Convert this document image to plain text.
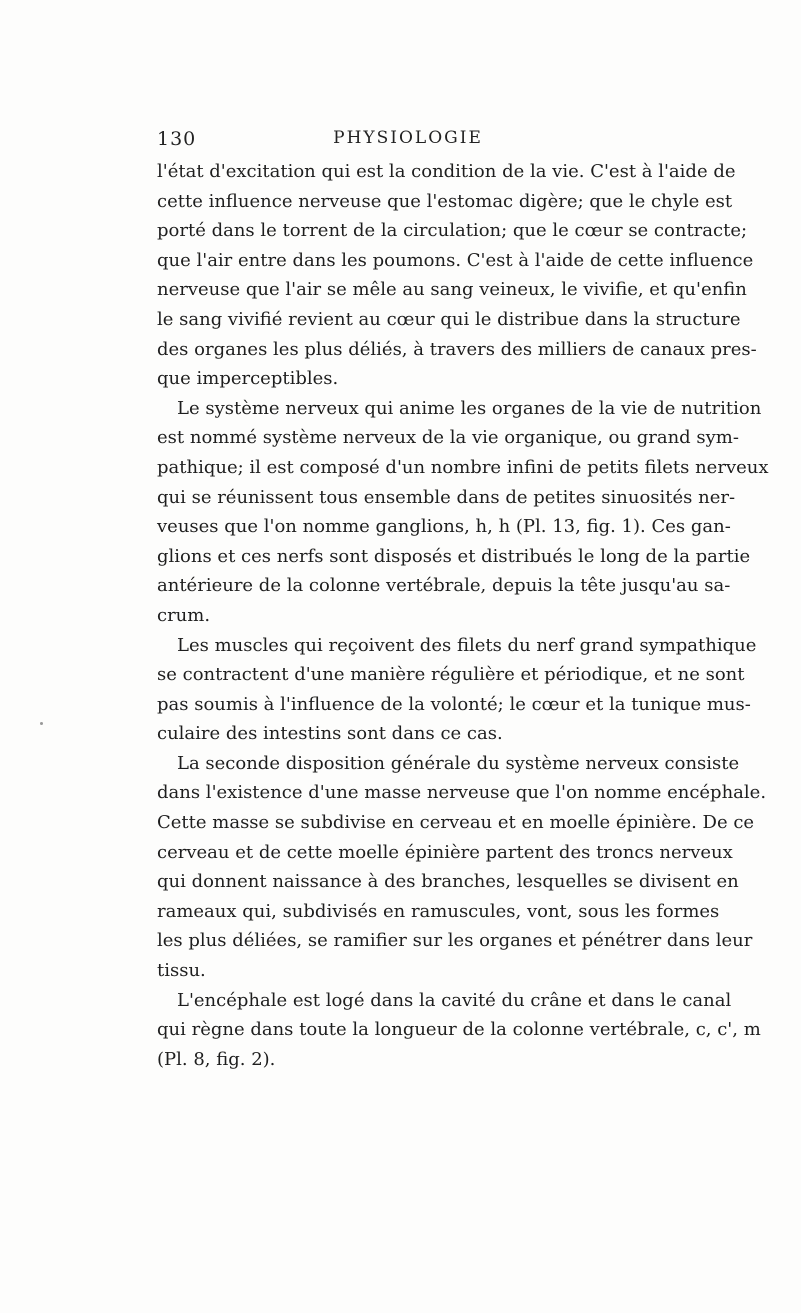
130	PHYSIOLOGIE
l'état d'excitation qui est la condition de la vie. C'est à l'aide de
cette influence nerveuse que l'estomac digère; que le chyle est
porté dans le torrent de la circulation; que le cœur se contracte;
que l'air entre dans les poumons. C'est à l'aide de cette influence
nerveuse que l'air se mêle au sang veineux, le vivifie, et qu'enfin
le sang vivifié revient au cœur qui le distribue dans la structure
des organes les plus déliés, à travers des milliers de canaux pres-
que imperceptibles.
Le système nerveux qui anime les organes de la vie de nutrition
est nommé système nerveux de la vie organique, ou grand sym-
pathique; il est composé d'un nombre infini de petits filets nerveux
qui se réunissent tous ensemble dans de petites sinuosités ner-
veuses que l'on nomme ganglions, h, h (Pl. 13, fig. 1). Ces gan-
glions et ces nerfs sont disposés et distribués le long de la partie
antérieure de la colonne vertébrale, depuis la tête jusqu'au sa-
crum.
Les muscles qui reçoivent des filets du nerf grand sympathique
se contractent d'une manière régulière et périodique, et ne sont
pas soumis à l'influence de la volonté; le cœur et la tunique mus-
culaire des intestins sont dans ce cas.
La seconde disposition générale du système nerveux consiste
dans l'existence d'une masse nerveuse que l'on nomme encéphale.
Cette masse se subdivise en cerveau et en moelle épinière. De ce
cerveau et de cette moelle épinière partent des troncs nerveux
qui donnent naissance à des branches, lesquelles se divisent en
rameaux qui, subdivisés en ramuscules, vont, sous les formes
les plus déliées, se ramifier sur les organes et pénétrer dans leur
tissu.
L'encéphale est logé dans la cavité du crâne et dans le canal
qui règne dans toute la longueur de la colonne vertébrale, c, c', m
(Pl. 8, fig. 2).
